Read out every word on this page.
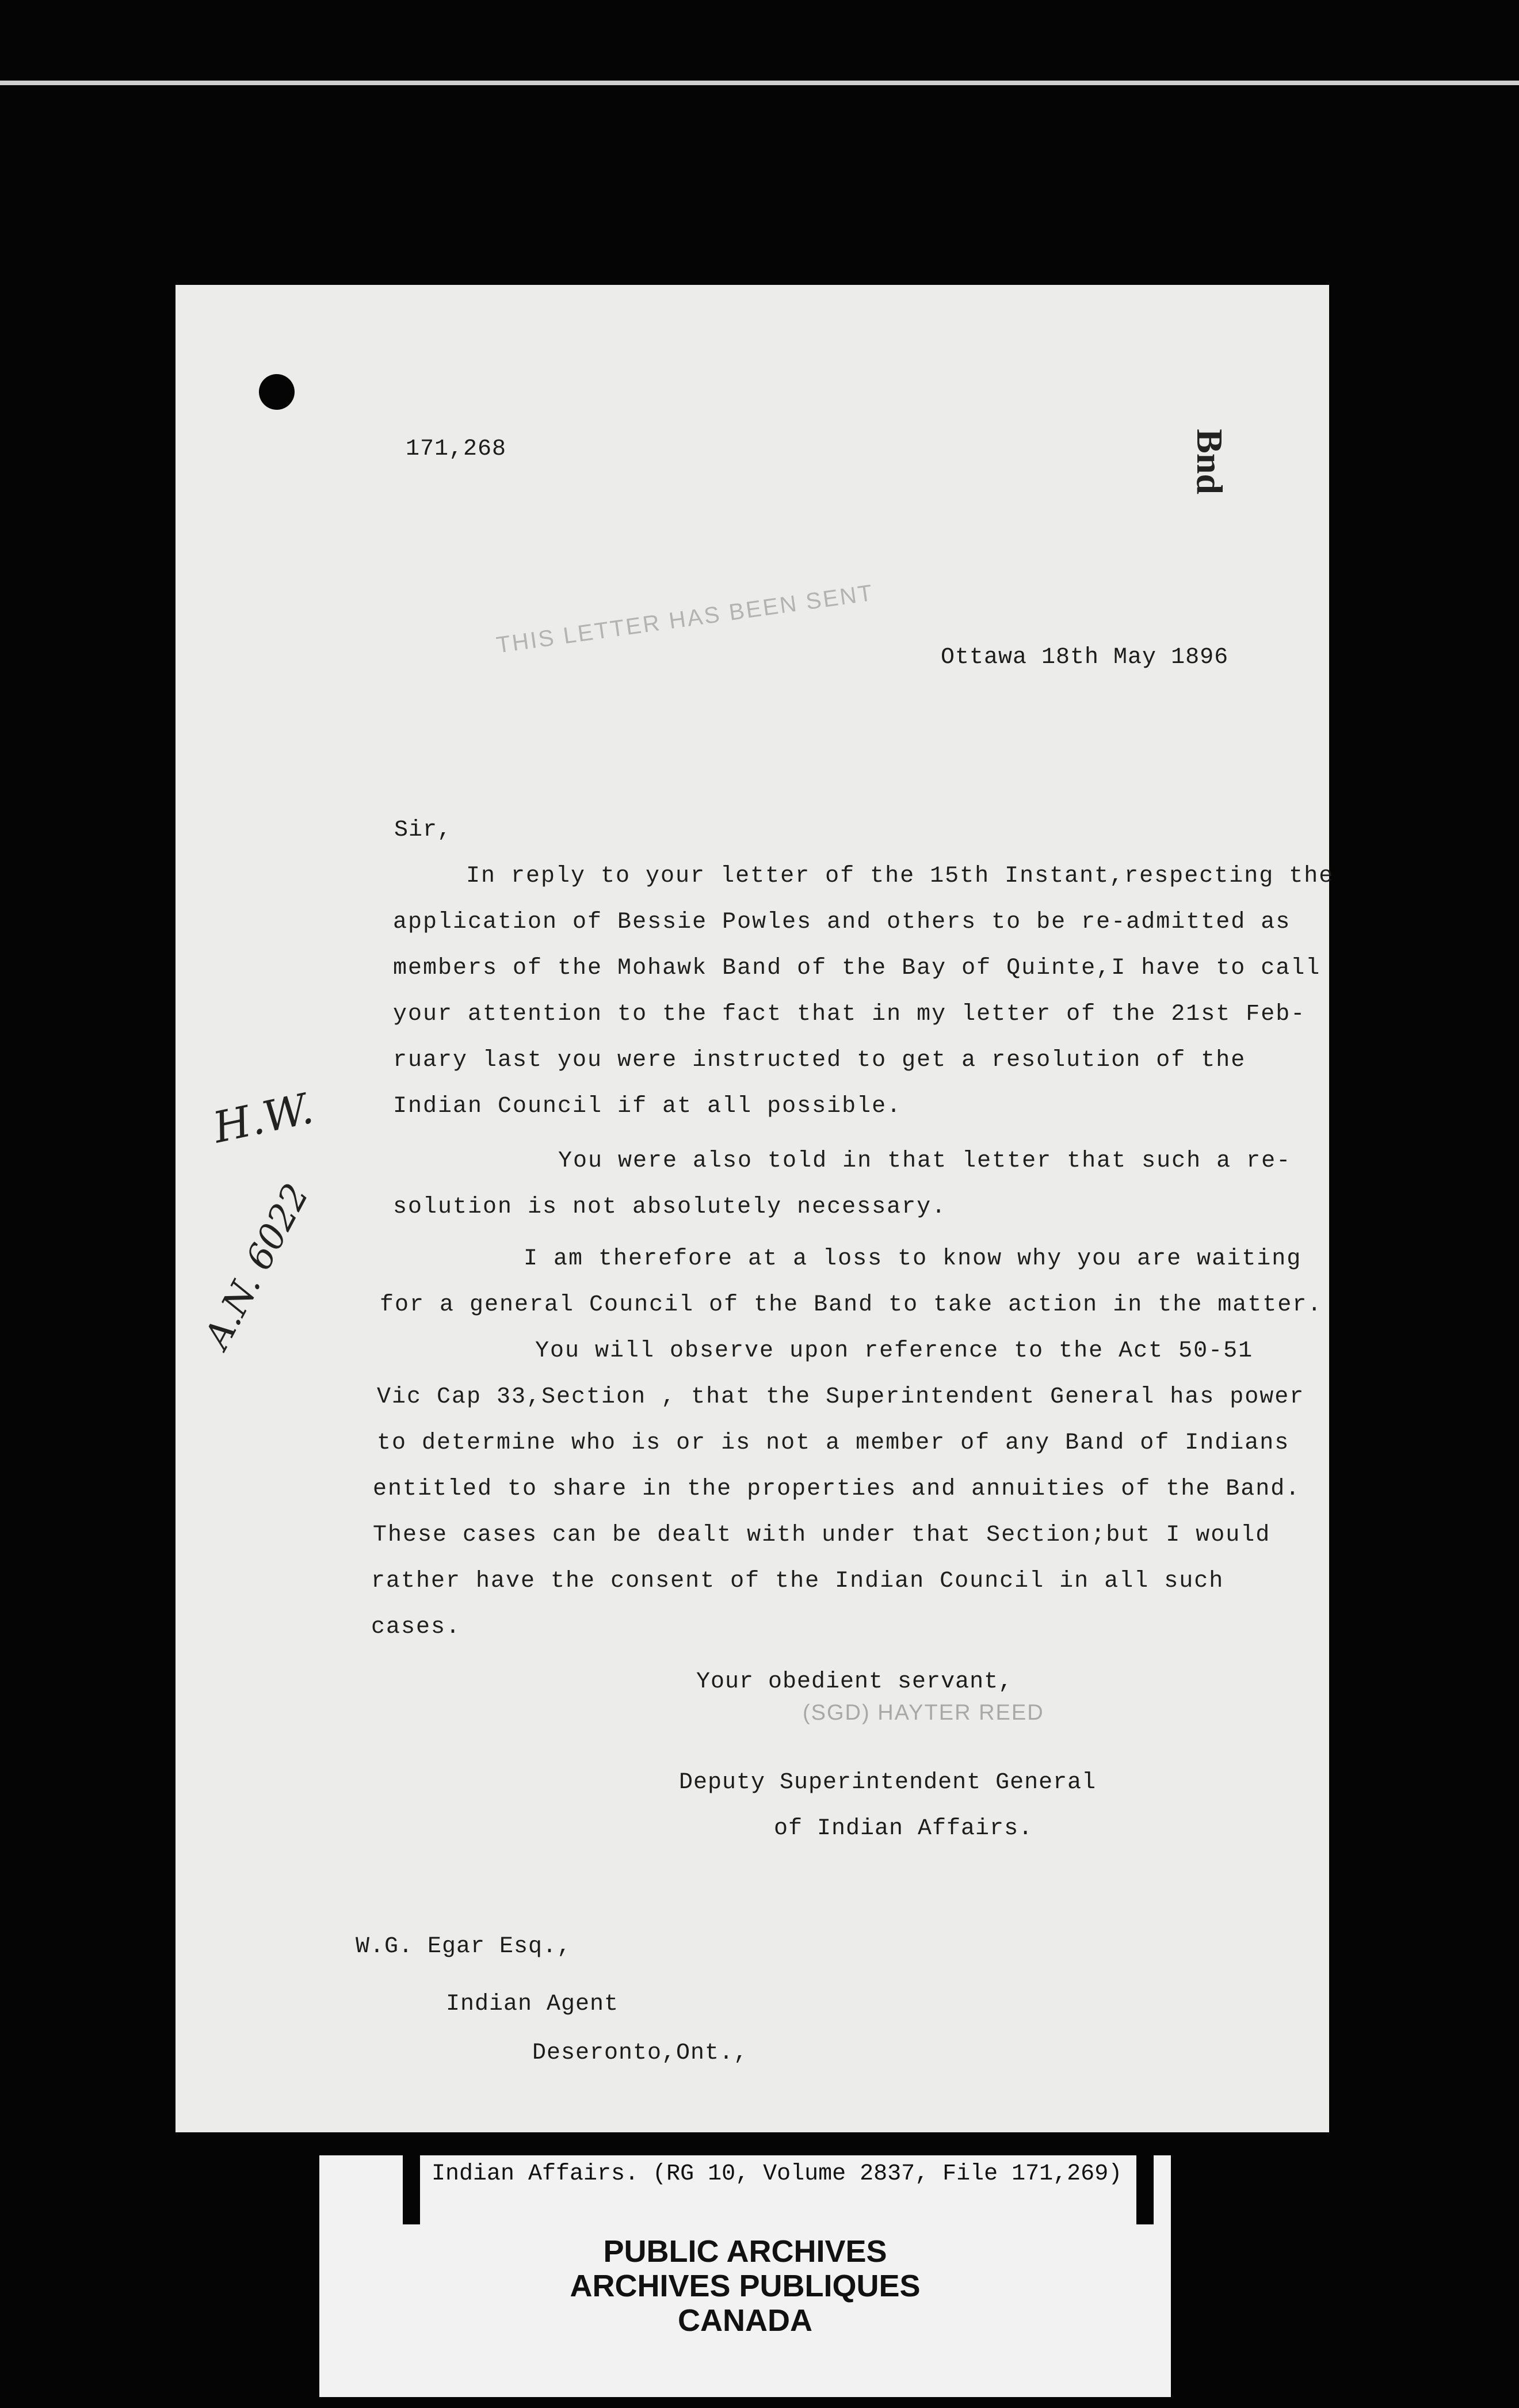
171,268	Bnd
THIS LETTER HAS BEEN SENT	Ottawa 18th May 1896
Sir,
In reply to your letter of the 15th Instant,respecting the
application of Bessie Powles and others to be re-admitted as
members of the Mohawk Band of the Bay of Quinte,I have to call
your attention to the fact that in my letter of the 21st Feb-
ruary last you were instructed to get a resolution of the
Indian Council if at all possible.
You were also told in that letter that such a re-
solution is not absolutely necessary.
I am therefore at a loss to know why you are waiting
for a general Council of the Band to take action in the matter.
You will observe upon reference to the Act 50-51
Vic Cap 33,Section , that the Superintendent General has power
to determine who is or is not a member of any Band of Indians
entitled to share in the properties and annuities of the Band.
These cases can be dealt with under that Section;but I would
rather have the consent of the Indian Council in all such
cases.
H.W.
A.N. 6022
Your obedient servant,
(SGD) HAYTER REED
Deputy Superintendent General
of Indian Affairs.
W.G. Egar Esq.,
Indian Agent
Deseronto,Ont.,
Indian Affairs. (RG 10, Volume 2837, File 171,269)
PUBLIC ARCHIVES
ARCHIVES PUBLIQUES
CANADA
